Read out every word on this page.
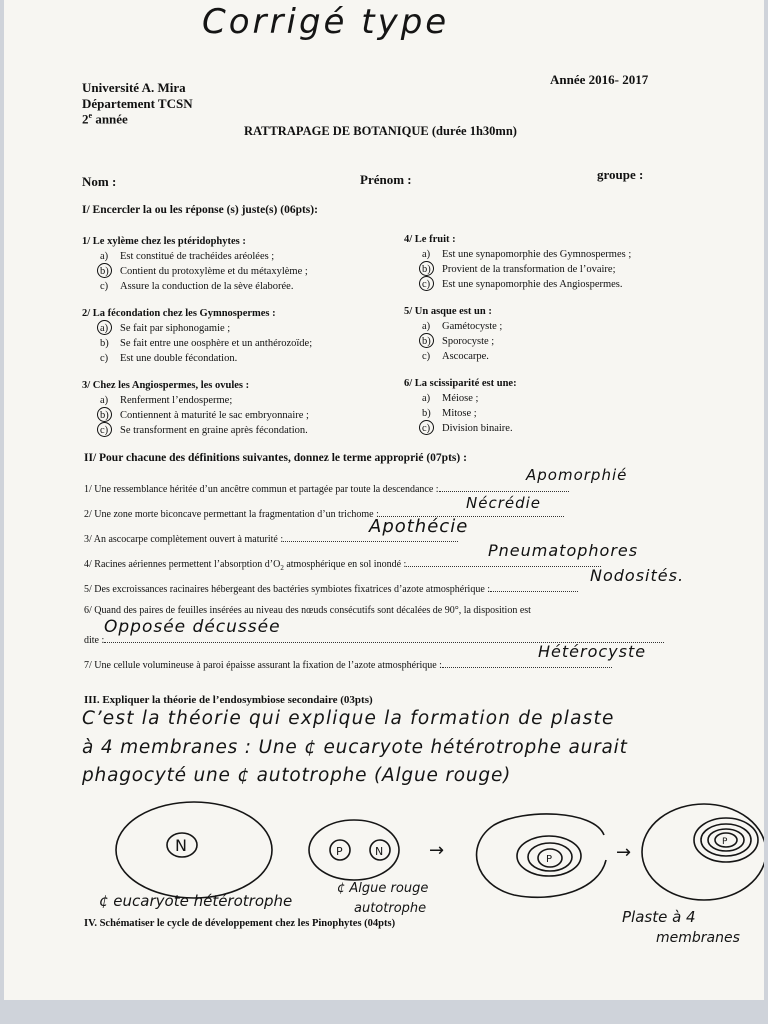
Corrigé type
Université A. Mira
Département TCSN
2e année
Année 2016- 2017
RATTRAPAGE DE BOTANIQUE (durée 1h30mn)
Nom :	Prénom :	groupe :
I/ Encercler la ou les réponse (s) juste(s) (06pts):
1/ Le xylème chez les ptéridophytes :
a) Est constitué de trachéides aréolées ;
b) Contient du protoxylème et du métaxylème ;
c) Assure la conduction de la sève élaborée.
2/ La fécondation chez les Gymnospermes :
a) Se fait par siphonogamie ;
b) Se fait entre une oosphère et un anthérozoïde;
c) Est une double fécondation.
3/ Chez les Angiospermes, les ovules :
a) Renferment l’endosperme;
b) Contiennent à maturité le sac embryonnaire ;
c) Se transforment en graine après fécondation.
4/ Le fruit :
a) Est une synapomorphie des Gymnospermes ;
b) Provient de la transformation de l’ovaire;
c) Est une synapomorphie des Angiospermes.
5/ Un asque est un :
a) Gamétocyste ;
b) Sporocyste ;
c) Ascocarpe.
6/ La scissiparité est une:
a) Méiose ;
b) Mitose ;
c) Division binaire.
II/ Pour chacune des définitions suivantes, donnez le terme approprié (07pts) :
1/ Une ressemblance héritée d’un ancêtre commun et partagée par toute la descendance :
Apomorphié
2/ Une zone morte biconcave permettant la fragmentation d’un trichome :
Nécrédie
3/ An ascocarpe complètement ouvert à maturité :
Apothécie
4/ Racines aériennes permettent l’absorption $d’O_2$ atmosphérique en sol inondé :
Pneumatophores
5/ Des excroissances racinaires hébergeant des bactéries symbiotes fixatrices d’azote atmosphérique :
Nodosités.
6/ Quand des paires de feuilles insérées au niveau des nœuds consécutifs sont décalées de 90°, la disposition est
dite :
Opposée décussée
7/ Une cellule volumineuse à paroi épaisse assurant la fixation de l’azote atmosphérique :
Hétérocyste
III. Expliquer la théorie de l’endosymbiose secondaire (03pts)
C’est la théorie qui explique la formation de plaste
à 4 membranes : Une ¢ eucaryote hétérotrophe aurait
phagocyté une ¢ autotrophe (Algue rouge)
N	P	N
P
P
→	→
¢ eucaryote hétérotrophe
¢ Algue rouge
autotrophe	Plaste à 4
membranes
IV. Schématiser le cycle de développement chez les Pinophytes (04pts)
